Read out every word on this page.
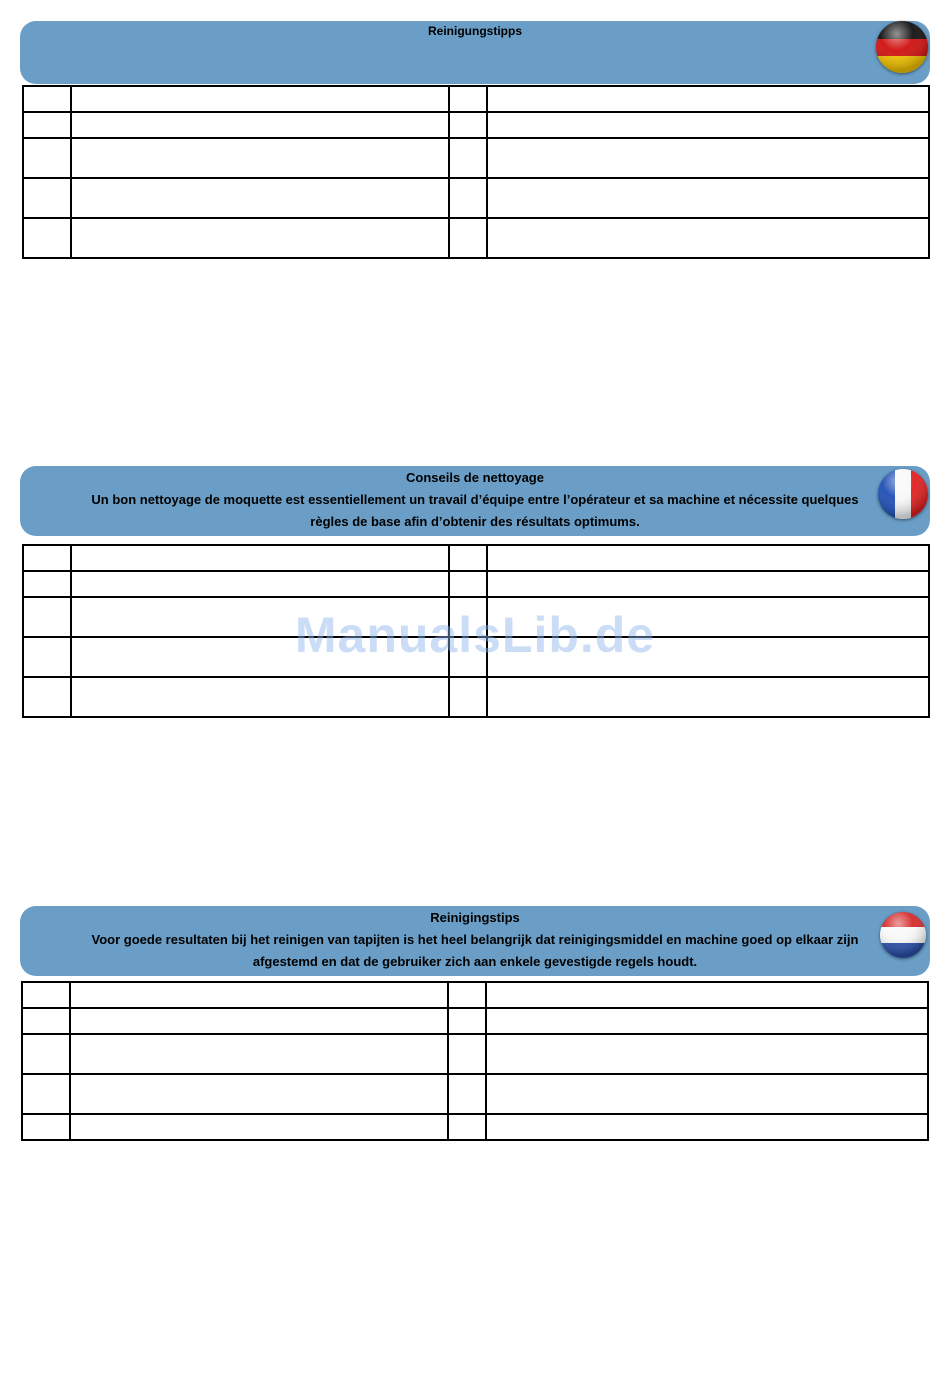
Reinigungstipps

Conseils de nettoyage
Un bon nettoyage de moquette est essentiellement un travail d’équipe entre l’opérateur et sa machine et nécessite quelques règles de base afin d’obtenir des résultats optimums.

Reinigingstips
Voor goede resultaten bij het reinigen van tapijten is het heel belangrijk dat reinigingsmiddel en machine goed op elkaar zijn afgestemd en dat de gebruiker zich aan enkele gevestigde regels houdt.

ManualsLib.de
